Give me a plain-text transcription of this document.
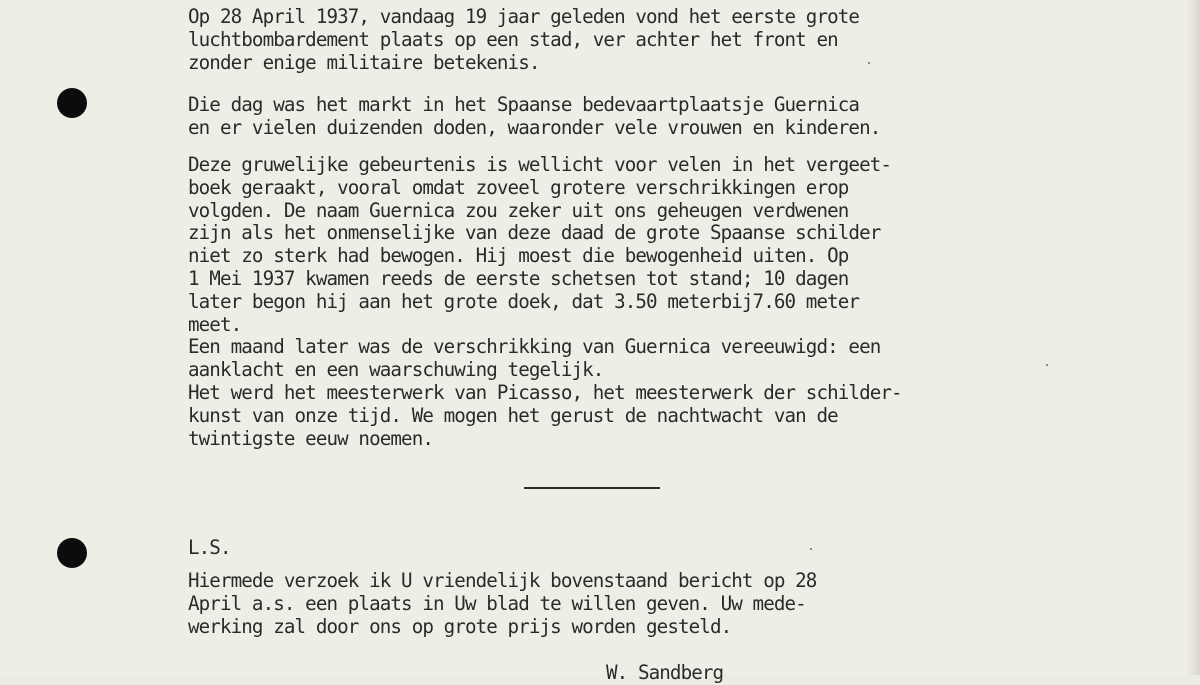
Op 28 April 1937, vandaag 19 jaar geleden vond het eerste grote
luchtbombardement plaats op een stad, ver achter het front en
zonder enige militaire betekenis.

Die dag was het markt in het Spaanse bedevaartplaatsje Guernica
en er vielen duizenden doden, waaronder vele vrouwen en kinderen.

Deze gruwelijke gebeurtenis is wellicht voor velen in het vergeet-
boek geraakt, vooral omdat zoveel grotere verschrikkingen erop
volgden. De naam Guernica zou zeker uit ons geheugen verdwenen
zijn als het onmenselijke van deze daad de grote Spaanse schilder
niet zo sterk had bewogen. Hij moest die bewogenheid uiten. Op
1 Mei 1937 kwamen reeds de eerste schetsen tot stand; 10 dagen
later begon hij aan het grote doek, dat 3.50 meterbij7.60 meter
meet.
Een maand later was de verschrikking van Guernica vereeuwigd: een
aanklacht en een waarschuwing tegelijk.
Het werd het meesterwerk van Picasso, het meesterwerk der schilder-
kunst van onze tijd. We mogen het gerust de nachtwacht van de
twintigste eeuw noemen.

L.S.

Hiermede verzoek ik U vriendelijk bovenstaand bericht op 28
April a.s. een plaats in Uw blad te willen geven. Uw mede-
werking zal door ons op grote prijs worden gesteld.

W. Sandberg
